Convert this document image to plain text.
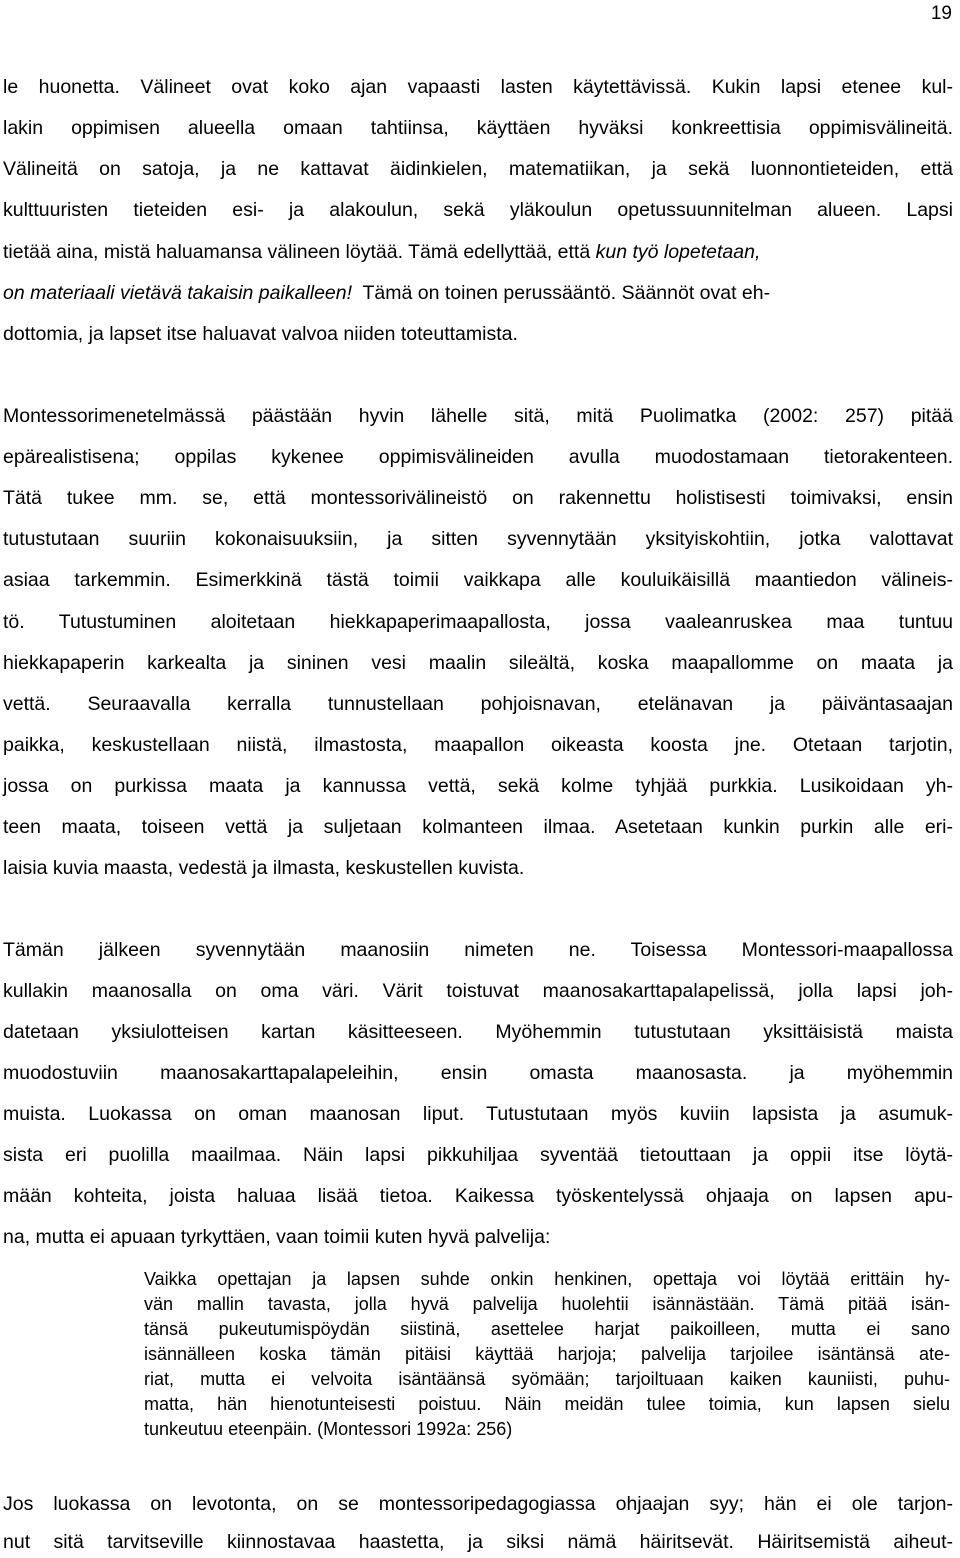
19
le huonetta. Välineet ovat koko ajan vapaasti lasten käytettävissä. Kukin lapsi etenee kul-
lakin oppimisen alueella omaan tahtiinsa, käyttäen hyväksi konkreettisia oppimisvälineitä.
Välineitä on satoja, ja ne kattavat äidinkielen, matematiikan, ja sekä luonnontieteiden, että
kulttuuristen tieteiden esi- ja alakoulun, sekä yläkoulun opetussuunnitelman alueen. Lapsi
tietää aina, mistä haluamansa välineen löytää. Tämä edellyttää, että kun työ lopetetaan,
on materiaali vietävä takaisin paikalleen! Tämä on toinen perussääntö. Säännöt ovat eh-
dottomia, ja lapset itse haluavat valvoa niiden toteuttamista.
Montessorimenetelmässä päästään hyvin lähelle sitä, mitä Puolimatka (2002: 257) pitää
epärealistisena; oppilas kykenee oppimisvälineiden avulla muodostamaan tietorakenteen.
Tätä tukee mm. se, että montessorivälineistö on rakennettu holistisesti toimivaksi, ensin
tutustutaan suuriin kokonaisuuksiin, ja sitten syvennytään yksityiskohtiin, jotka valottavat
asiaa tarkemmin. Esimerkkinä tästä toimii vaikkapa alle kouluikäisillä maantiedon välineis-
tö. Tutustuminen aloitetaan hiekkapaperimaapallosta, jossa vaaleanruskea maa tuntuu
hiekkapaperin karkealta ja sininen vesi maalin sileältä, koska maapallomme on maata ja
vettä. Seuraavalla kerralla tunnustellaan pohjoisnavan, etelänavan ja päiväntasaajan
paikka, keskustellaan niistä, ilmastosta, maapallon oikeasta koosta jne. Otetaan tarjotin,
jossa on purkissa maata ja kannussa vettä, sekä kolme tyhjää purkkia. Lusikoidaan yh-
teen maata, toiseen vettä ja suljetaan kolmanteen ilmaa. Asetetaan kunkin purkin alle eri-
laisia kuvia maasta, vedestä ja ilmasta, keskustellen kuvista.
Tämän jälkeen syvennytään maanosiin nimeten ne. Toisessa Montessori-maapallossa
kullakin maanosalla on oma väri. Värit toistuvat maanosakarttapalapelissä, jolla lapsi joh-
datetaan yksiulotteisen kartan käsitteeseen. Myöhemmin tutustutaan yksittäisistä maista
muodostuviin maanosakarttapalapeleihin, ensin omasta maanosasta. ja myöhemmin
muista. Luokassa on oman maanosan liput. Tutustutaan myös kuviin lapsista ja asumuk-
sista eri puolilla maailmaa. Näin lapsi pikkuhiljaa syventää tietouttaan ja oppii itse löytä-
mään kohteita, joista haluaa lisää tietoa. Kaikessa työskentelyssä ohjaaja on lapsen apu-
na, mutta ei apuaan tyrkyttäen, vaan toimii kuten hyvä palvelija:
Vaikka opettajan ja lapsen suhde onkin henkinen, opettaja voi löytää erittäin hy-
vän mallin tavasta, jolla hyvä palvelija huolehtii isännästään. Tämä pitää isän-
tänsä pukeutumispöydän siistinä, asettelee harjat paikoilleen, mutta ei sano
isännälleen koska tämän pitäisi käyttää harjoja; palvelija tarjoilee isäntänsä ate-
riat, mutta ei velvoita isäntäänsä syömään; tarjoiltuaan kaiken kauniisti, puhu-
matta, hän hienotunteisesti poistuu. Näin meidän tulee toimia, kun lapsen sielu
tunkeutuu eteenpäin. (Montessori 1992a: 256)
Jos luokassa on levotonta, on se montessoripedagogiassa ohjaajan syy; hän ei ole tarjon-
nut sitä tarvitseville kiinnostavaa haastetta, ja siksi nämä häiritsevät. Häiritsemistä aiheut-
